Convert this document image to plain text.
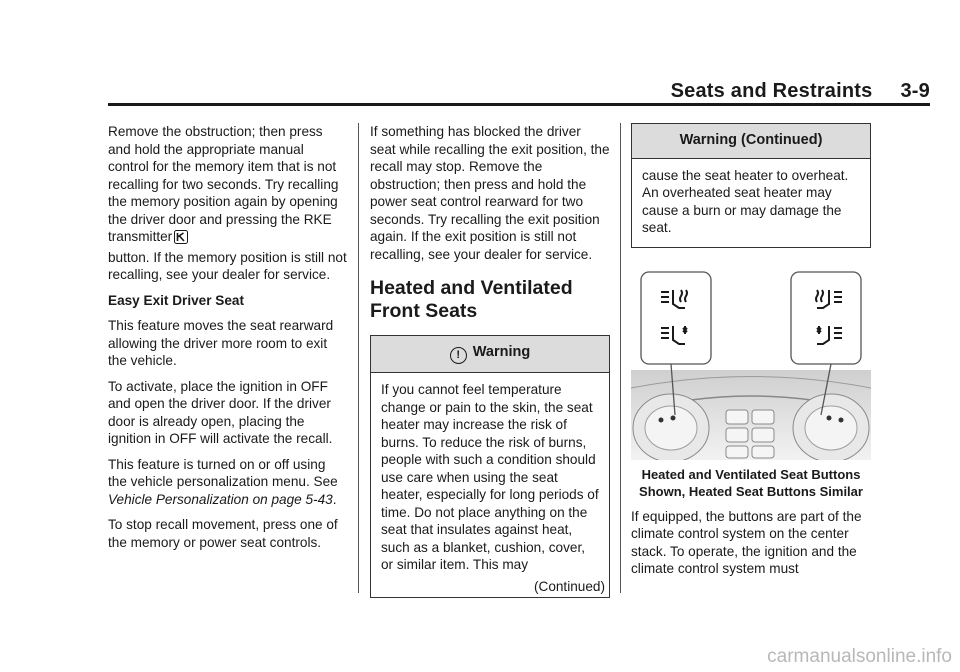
Seats and Restraints 3-9

Remove the obstruction; then press and hold the appropriate manual control for the memory item that is not recalling for two seconds. Try recalling the memory position again by opening the driver door and pressing the RKE transmitter
button. If the memory position is still not recalling, see your dealer for service.

Easy Exit Driver Seat

This feature moves the seat rearward allowing the driver more room to exit the vehicle.

To activate, place the ignition in OFF and open the driver door. If the driver door is already open, placing the ignition in OFF will activate the recall.

This feature is turned on or off using the vehicle personalization menu. See Vehicle Personalization on page 5-43.

To stop recall movement, press one of the memory or power seat controls.

If something has blocked the driver seat while recalling the exit position, the recall may stop. Remove the obstruction; then press and hold the power seat control rearward for two seconds. Try recalling the exit position again. If the exit position is still not recalling, see your dealer for service.

Heated and Ventilated Front Seats
! Warning

If you cannot feel temperature change or pain to the skin, the seat heater may increase the risk of burns. To reduce the risk of burns, people with such a condition should use care when using the seat heater, especially for long periods of time. Do not place anything on the seat that insulates against heat, such as a blanket, cushion, cover, or similar item. This may

(Continued)
Warning (Continued)

cause the seat heater to overheat. An overheated seat heater may cause a burn or may damage the seat.

Heated and Ventilated Seat Buttons Shown, Heated Seat Buttons Similar

If equipped, the buttons are part of the climate control system on the center stack. To operate, the ignition and the climate control system must

carmanualsonline.info
